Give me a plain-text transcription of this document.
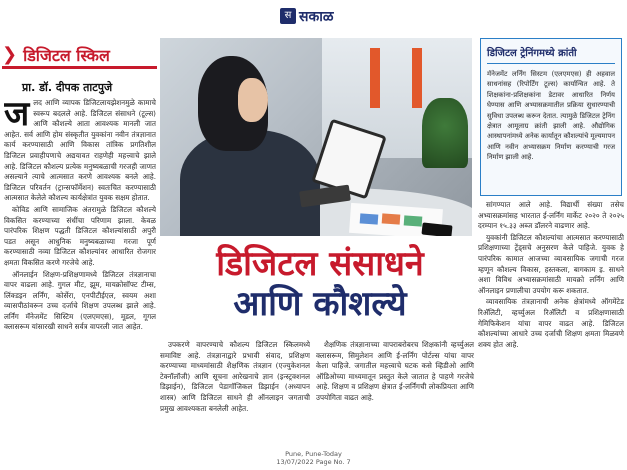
स सकाळ
❯ डिजिटल स्किल
प्रा. डॉ. दीपक ताटपुजे
ज लद आणि व्यापक डिजिटलायझेशनमुळे कामाचे स्वरूप बदलले आहे. डिजिटल संसाधने (टूल्स) आणि कौशल्ये आता आवश्यक मानली जात आहेत. सर्व आणि होम संस्कृतीत युवकांना नवीन तंत्रज्ञानात कार्य करण्यासाठी आणि विकास तांत्रिक प्रगतिशील डिजिटल प्रवाहीपणाचे अद्ययावत राहणेही महत्त्वाचे झाले आहे. डिजिटल कौशल्य प्रत्येक मनुष्यबळाची गरजही जाणत असल्याने त्याचे आत्मसात करणे आवश्यक बनले आहे. डिजिटल परिवर्तन (ट्रान्सफॉर्मेशन) स्वतःचित करण्यासाठी आत्मसात केलेले कौशल्य कार्यक्षेत्रांत युवक सक्षम होतात.

कोविड आणि सामाजिक अंतरामुळे डिजिटल कौशल्ये विकसित करण्याच्या संधींचा परिणाम झाला. केवळ पारंपरिक शिक्षण पद्धती डिजिटल कौशल्यांसाठी अपुरी पडत असून आधुनिक मनुष्यबळाच्या गरजा पूर्ण करण्यासाठी नव्या डिजिटल कौशल्यांवर आधारित रोजगार क्षमता विकसित करणे गरजेचे आहे.

ऑनलाईन शिक्षण-प्रशिक्षणामध्ये डिजिटल तंत्रज्ञानाचा वापर वाढला आहे. गुगल मीट, झूम, मायक्रोसॉफ्ट टीम्स, लिंक्डइन लर्निंग, कोर्सेरा, एनपीटीईएल, स्वयम अशा व्यासपीठांवरून उच्च दर्जाचे शिक्षण उपलब्ध झाले आहे. लर्निंग मॅनेजमेंट सिस्टिम (एलएमएस), मूडल, गूगल क्लासरूम यांसारखी साधने सर्वत्र वापरली जात आहेत.

डिजिटल संसाधने
आणि कौशल्ये
डिजिटल ट्रेनिंगमध्ये क्रांती
मॅनेजमेंट लर्निंग सिस्टम (एलएमएस) ही अहवाल साधनांसह (रिपोर्टिंग टूल्स) कार्यान्वित आहे. ते शिक्षकांना-प्रशिक्षकांना डेटावर आधारित निर्णय घेण्यास आणि अभ्यासक्रमातील प्रक्रिया सुधारण्याची सुविधा उपलब्ध करून देतात. त्यामुळे डिजिटल ट्रेनिंग क्षेत्रात आमूलाग्र क्रांती झाली आहे. औद्योगिक आस्थापनांमध्ये अनेक कार्यातून कौशल्यांचे मूल्यमापन आणि नवीन अभ्यासक्रम निर्माण करण्याची गरज निर्माण झाली आहे.

सांगण्यात आले आहे. विद्यार्थी संख्या तसेच अभ्यासक्रमांसह भारतात ई-लर्निंग मार्केट २०२० ते २०२५ दरम्यान १५.३३ अब्ज डॉलरने वाढणार आहे.

युवकांनी डिजिटल कौशल्यांचा आत्मसात करण्यासाठी प्रशिक्षणाच्या ट्रेंड्सचे अनुसरण केले पाहिजे. युवक हे पारंपरिक कामात आजच्या व्यावसायिक जगाची गरज म्हणून कौशल्य विकास, हस्तकला, बागकाम इ. साधने अशा विविध अभ्यासक्रमांसाठी मायक्रो लर्निंग आणि ऑनलाइन प्रणालीचा उपयोग करू शकतात.

व्यावसायिक तंत्रज्ञानाची अनेक क्षेत्रांमध्ये ऑगमेंटेड रिअ‍ॅलिटी, व्हर्च्युअल रिअ‍ॅलिटी व प्रशिक्षणासाठी गेमिफिकेशन यांचा वापर वाढत आहे. डिजिटल कौशल्यांच्या आधारे उच्च दर्जाची शिक्षण क्षमता मिळवणे शक्य होत आहे.

उपकरणे वापरण्याचे कौशल्य डिजिटल स्किलमध्ये समाविष्ट आहे. तंत्रज्ञानाद्वारे प्रभावी संवाद, प्रशिक्षण करण्याच्या माध्यमांसाठी शैक्षणिक तंत्रज्ञान (एज्युकेशनल टेक्नॉलॉजी) आणि सूचना आरेखनाचे ज्ञान (इन्स्ट्रक्शनल डिझाईन), डिजिटल पेडागॉजिकल डिझाईन (अध्यापन शास्त्र) आणि डिजिटल साधने ही ऑनलाइन जगताची प्रमुख आवश्यकता बनलेली आहेत.

शैक्षणिक तंत्रज्ञानाच्या वापराबरोबरच शिक्षकांनी व्हर्च्युअल क्लासरूम, सिमुलेशन आणि ई-लर्निंग पोर्टल्स यांचा वापर केला पाहिजे. जगातील महत्त्वाचे घटक कसे व्हिडीओ आणि ऑडिओच्या माध्यमातून प्रस्तुत केले जातात हे पाहणे गरजेचे आहे. शिक्षण व प्रशिक्षण क्षेत्रात ई-लर्निंगची लोकप्रियता आणि उपयोगिता वाढत आहे.

Pune, Pune-Today
13/07/2022 Page No. 7
